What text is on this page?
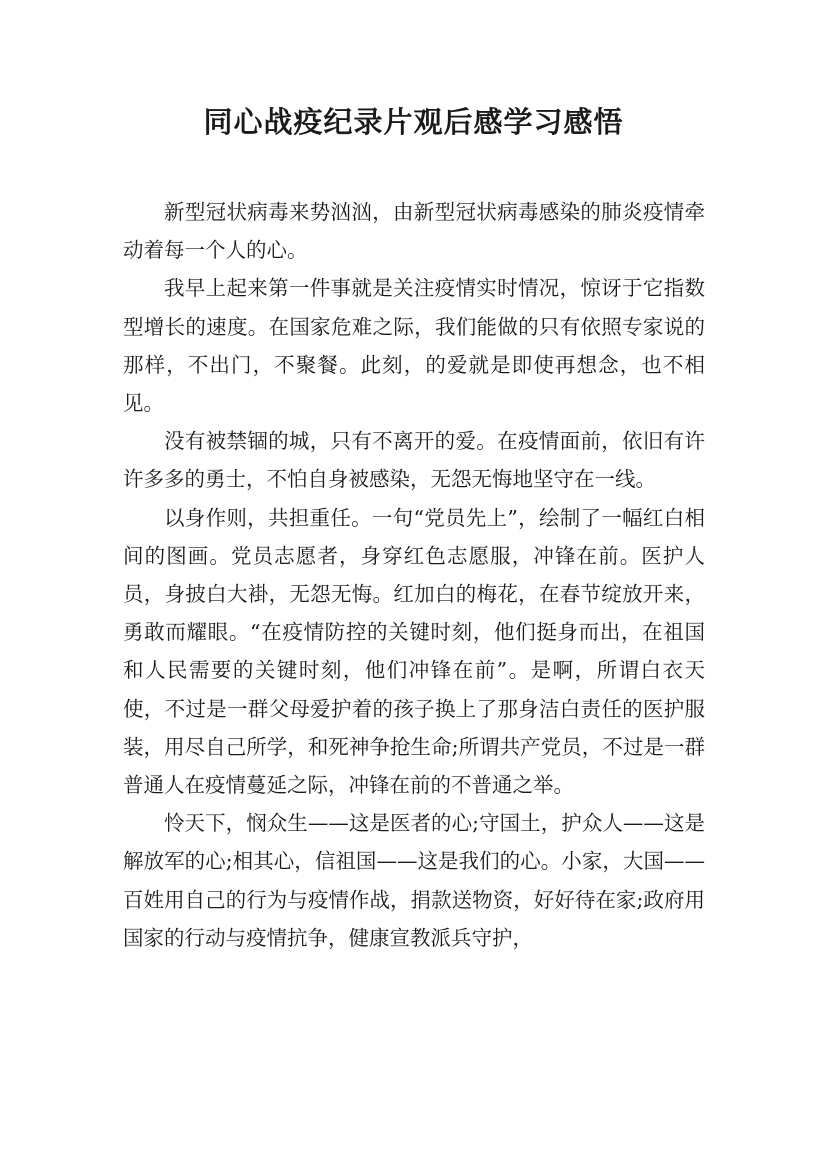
同心战疫纪录片观后感学习感悟

新型冠状病毒来势汹汹，由新型冠状病毒感染的肺炎疫情牵动着每一个人的心。

我早上起来第一件事就是关注疫情实时情况，惊讶于它指数型增长的速度。在国家危难之际，我们能做的只有依照专家说的那样，不出门，不聚餐。此刻，的爱就是即使再想念，也不相见。

没有被禁锢的城，只有不离开的爱。在疫情面前，依旧有许许多多的勇士，不怕自身被感染，无怨无悔地坚守在一线。

以身作则，共担重任。一句“党员先上”，绘制了一幅红白相间的图画。党员志愿者，身穿红色志愿服，冲锋在前。医护人员，身披白大褂，无怨无悔。红加白的梅花，在春节绽放开来，勇敢而耀眼。“在疫情防控的关键时刻，他们挺身而出，在祖国和人民需要的关键时刻，他们冲锋在前”。是啊，所谓白衣天使，不过是一群父母爱护着的孩子换上了那身洁白责任的医护服装，用尽自己所学，和死神争抢生命;所谓共产党员，不过是一群普通人在疫情蔓延之际，冲锋在前的不普通之举。

怜天下，悯众生——这是医者的心;守国土，护众人——这是解放军的心;相其心，信祖国——这是我们的心。小家，大国——百姓用自己的行为与疫情作战，捐款送物资，好好待在家;政府用国家的行动与疫情抗争，健康宣教派兵守护，
